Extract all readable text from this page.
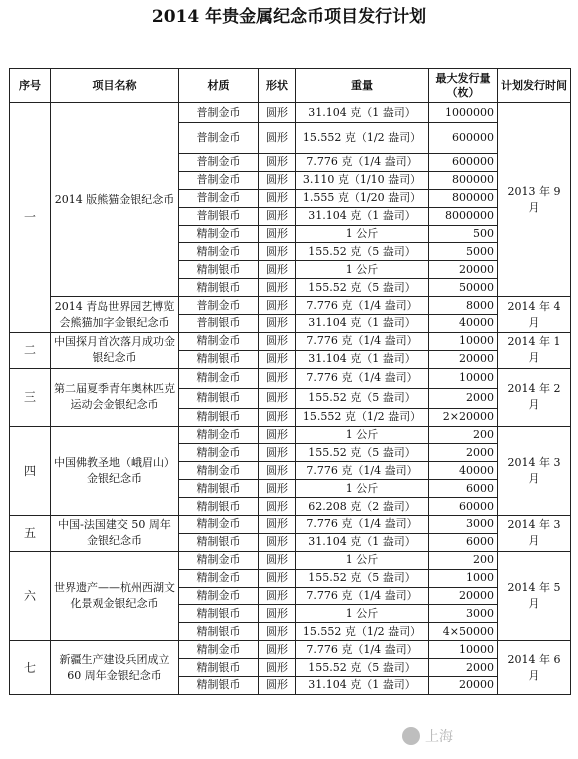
2014 年贵金属纪念币项目发行计划
序号	项目名称	材质	形状	重量	最大发行量（枚）	计划发行时间
一	2014 版熊猫金银纪念币	普制金币	圆形	31.104 克（1 盎司）	1000000	2013 年 9 月
		普制金币	圆形	15.552 克（1/2 盎司）	600000	
		普制金币	圆形	7.776 克（1/4 盎司）	600000	
		普制金币	圆形	3.110 克（1/10 盎司）	800000	
		普制金币	圆形	1.555 克（1/20 盎司）	800000	
		普制银币	圆形	31.104 克（1 盎司）	8000000	
		精制金币	圆形	1 公斤	500	
		精制金币	圆形	155.52 克（5 盎司）	5000	
		精制银币	圆形	1 公斤	20000	
		精制银币	圆形	155.52 克（5 盎司）	50000	
	2014 青岛世界园艺博览会熊猫加字金银纪念币	普制金币	圆形	7.776 克（1/4 盎司）	8000	2014 年 4 月
		普制银币	圆形	31.104 克（1 盎司）	40000	
二	中国探月首次落月成功金银纪念币	精制金币	圆形	7.776 克（1/4 盎司）	10000	2014 年 1 月
		精制银币	圆形	31.104 克（1 盎司）	20000	
三	第二届夏季青年奥林匹克运动会金银纪念币	精制金币	圆形	7.776 克（1/4 盎司）	10000	2014 年 2 月
		精制银币	圆形	155.52 克（5 盎司）	2000	
		精制银币	圆形	15.552 克（1/2 盎司）	2×20000	
四	中国佛教圣地（峨眉山）金银纪念币	精制金币	圆形	1 公斤	200	2014 年 3 月
		精制金币	圆形	155.52 克（5 盎司）	2000	
		精制金币	圆形	7.776 克（1/4 盎司）	40000	
		精制银币	圆形	1 公斤	6000	
		精制银币	圆形	62.208 克（2 盎司）	60000	
五	中国-法国建交 50 周年金银纪念币	精制金币	圆形	7.776 克（1/4 盎司）	3000	2014 年 3 月
		精制银币	圆形	31.104 克（1 盎司）	6000	
六	世界遗产——杭州西湖文化景观金银纪念币	精制金币	圆形	1 公斤	200	2014 年 5 月
		精制金币	圆形	155.52 克（5 盎司）	1000	
		精制金币	圆形	7.776 克（1/4 盎司）	20000	
		精制银币	圆形	1 公斤	3000	
		精制银币	圆形	15.552 克（1/2 盎司）	4×50000	
七	新疆生产建设兵团成立 60 周年金银纪念币	精制金币	圆形	7.776 克（1/4 盎司）	10000	2014 年 6 月
		精制银币	圆形	155.52 克（5 盎司）	2000	
		精制银币	圆形	31.104 克（1 盎司）	20000	
上海
